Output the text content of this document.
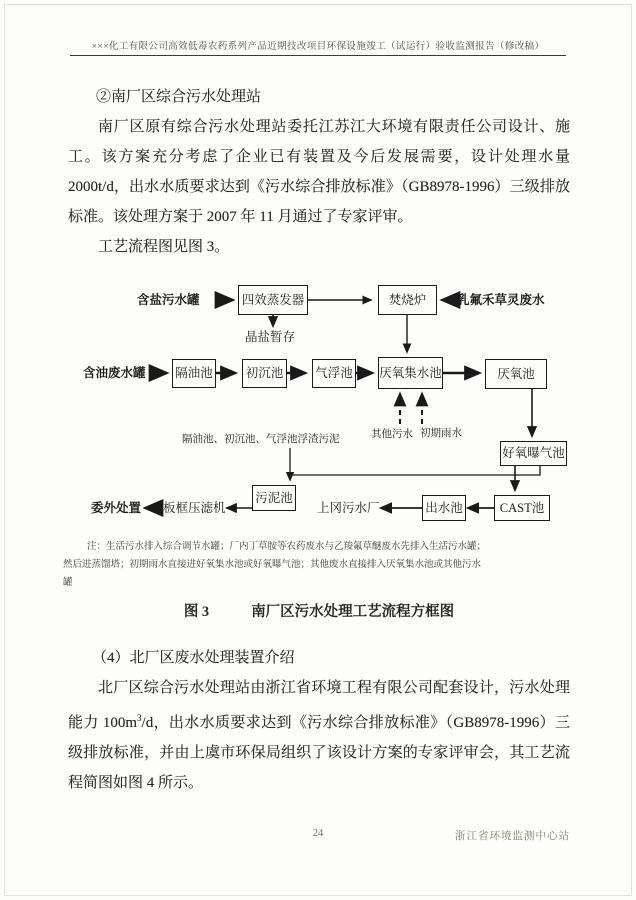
×××化工有限公司高效低毒农药系列产品近期技改项目环保设施竣工（试运行）验收监测报告（修改稿）

②南厂区综合污水处理站

南厂区原有综合污水处理站委托江苏江大环境有限责任公司设计、施工。该方案充分考虑了企业已有装置及今后发展需要，设计处理水量2000t/d，出水水质要求达到《污水综合排放标准》（GB8978-1996）三级排放标准。该处理方案于 2007 年 11 月通过了专家评审。

工艺流程图见图 3。

含盐污水罐	四效蒸发器
晶盐暂存
焚烧炉	乳氟禾草灵废水
含油废水罐 隔油池	初沉池	气浮池 厌氧集水池	厌氧池
其他污水 初期雨水
好氧曝气池
隔油池、初沉池、气浮池浮渣污泥
污泥池
板框压滤机
委外处置	CAST池
出水池
上冈污水厂
注：生活污水排入综合调节水罐；厂内丁草胺等农药废水与乙羧氟草醚废水先排入生活污水罐；
然后进蒸馏塔；初期雨水直接进好氧集水池或好氧曝气池；其他废水直接排入厌氧集水池或其他污水
罐

图 3	南厂区污水处理工艺流程方框图

（4）北厂区废水处理装置介绍

北厂区综合污水处理站由浙江省环境工程有限公司配套设计，污水处理能力 $100m^3/d$，出水水质要求达到《污水综合排放标准》（GB8978-1996）三级排放标准，并由上虞市环保局组织了该设计方案的专家评审会，其工艺流程简图如图 4 所示。

24	浙江省环境监测中心站
